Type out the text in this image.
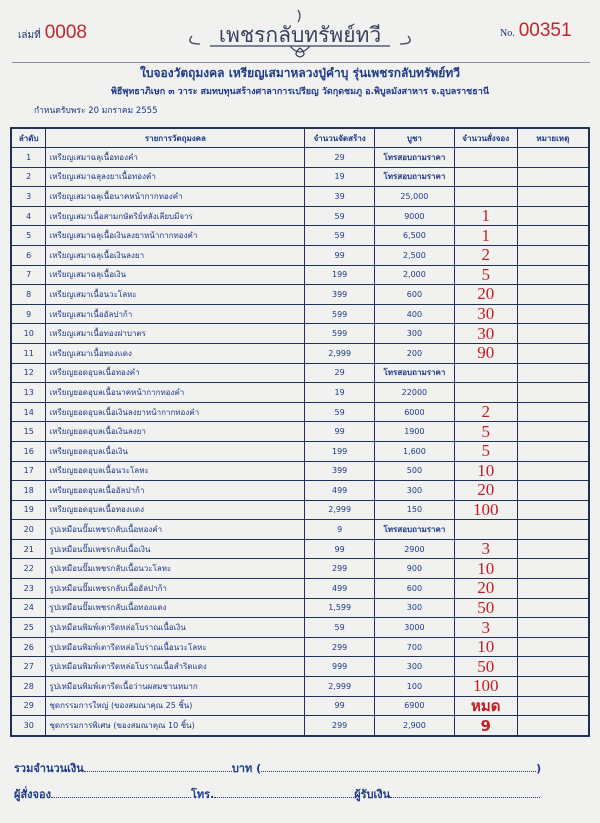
เล่มที่ 0008	เพชรกลับทรัพย์ทวี	No. 00351
ใบจองวัตถุมงคล เหรียญเสมาหลวงปู่คำบุ รุ่นเพชรกลับทรัพย์ทวี
พิธีพุทธาภิเษก ๓ วาระ สมทบทุนสร้างศาลาการเปรียญ วัดกุดชมภู อ.พิบูลมังสาหาร จ.อุบลราชธานี
กำหนดรับพระ 20 มกราคม 2555
ลำดับ	รายการวัตถุมงคล	จำนวนจัดสร้าง	บูชา	จำนวนสั่งจอง	หมายเหตุ
1	เหรียญเสมาฉลุเนื้อทองคำ	29	โทรสอบถามราคา		
2	เหรียญเสมาฉลุลงยาเนื้อทองคำ	19	โทรสอบถามราคา		
3	เหรียญเสมาฉลุเนื้อนาคหน้ากากทองคำ	39	25,000		
4	เหรียญเสมาเนื้อสามกษัตริย์หลังเลียบมีจาร	59	9000	1	
5	เหรียญเสมาฉลุเนื้อเงินลงยาหน้ากากทองคำ	59	6,500	1	
6	เหรียญเสมาฉลุเนื้อเงินลงยา	99	2,500	2	
7	เหรียญเสมาฉลุเนื้อเงิน	199	2,000	5	
8	เหรียญเสมาเนื้อนวะโลหะ	399	600	20	
9	เหรียญเสมาเนื้ออัลปาก้า	599	400	30	
10	เหรียญเสมาเนื้อทองฝาบาตร	599	300	30	
11	เหรียญเสมาเนื้อทองแดง	2,999	200	90	
12	เหรียญยอดอุบลเนื้อทองคำ	29	โทรสอบถามราคา		
13	เหรียญยอดอุบลเนื้อนาคหน้ากากทองคำ	19	22000		
14	เหรียญยอดอุบลเนื้อเงินลงยาหน้ากากทองคำ	59	6000	2	
15	เหรียญยอดอุบลเนื้อเงินลงยา	99	1900	5	
16	เหรียญยอดอุบลเนื้อเงิน	199	1,600	5	
17	เหรียญยอดอุบลเนื้อนวะโลหะ	399	500	10	
18	เหรียญยอดอุบลเนื้ออัลปาก้า	499	300	20	
19	เหรียญยอดอุบลเนื้อทองแดง	2,999	150	100	
20	รูปเหมือนปั๊มเพชรกลับเนื้อทองคำ	9	โทรสอบถามราคา		
21	รูปเหมือนปั๊มเพชรกลับเนื้อเงิน	99	2900	3	
22	รูปเหมือนปั๊มเพชรกลับเนื้อนวะโลหะ	299	900	10	
23	รูปเหมือนปั๊มเพชรกลับเนื้ออัลปาก้า	499	600	20	
24	รูปเหมือนปั๊มเพชรกลับเนื้อทองแดง	1,599	300	50	
25	รูปเหมือนพิมพ์เตารีดหล่อโบราณเนื้อเงิน	59	3000	3	
26	รูปเหมือนพิมพ์เตารีดหล่อโบราณเนื้อนวะโลหะ	299	700	10	
27	รูปเหมือนพิมพ์เตารีดหล่อโบราณเนื้อสำริดแดง	999	300	50	
28	รูปเหมือนพิมพ์เตารีดเนื้อว่านผสมชานหมาก	2,999	100	100	
29	ชุดกรรมการใหญ่ (ของสมณาคุณ 25 ชิ้น)	99	6900	หมด	
30	ชุดกรรมการพิเศษ (ของสมณาคุณ 10 ชิ้น)	299	2,900	9	
รวมจำนวนเงิน	บาท (	)
ผู้สั่งจอง	โทร.	ผู้รับเงิน
